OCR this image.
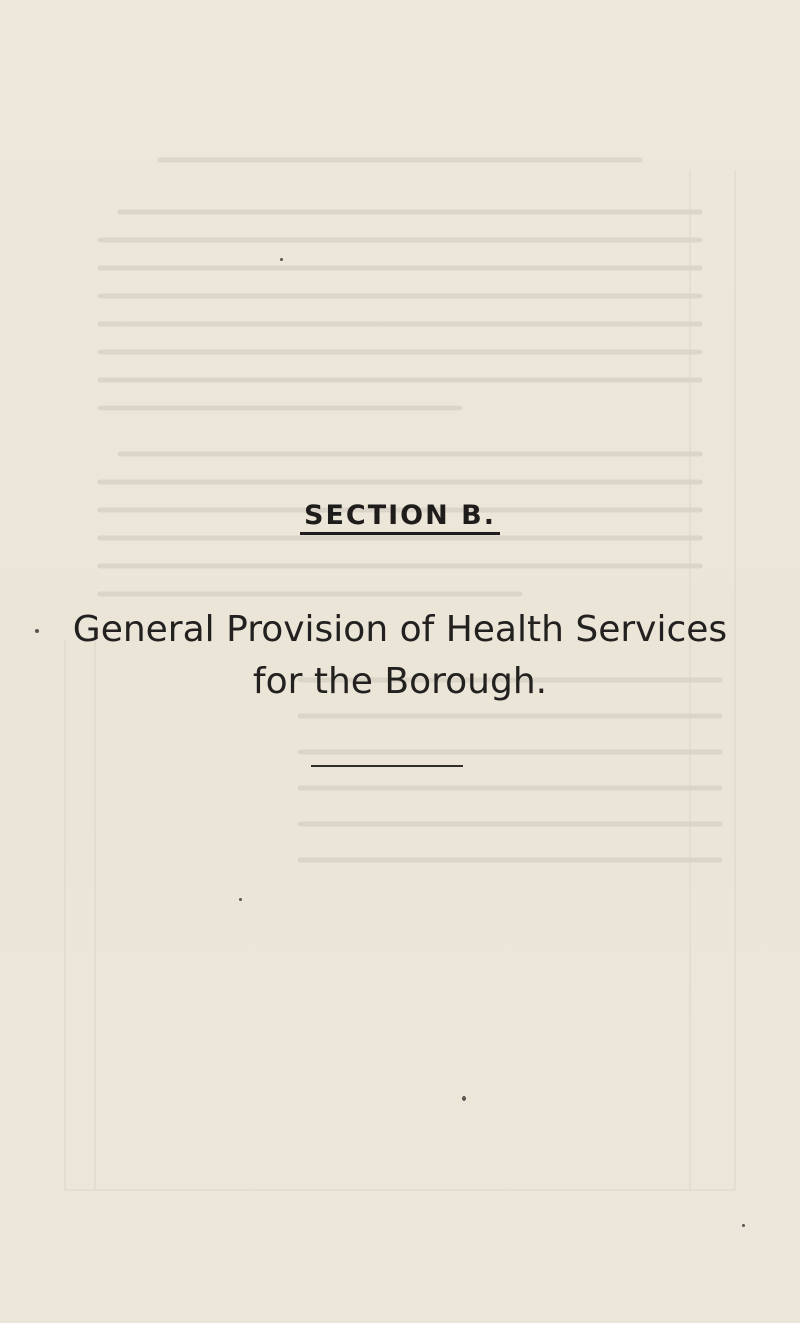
SECTION B.
General Provision of Health Services for the Borough.
